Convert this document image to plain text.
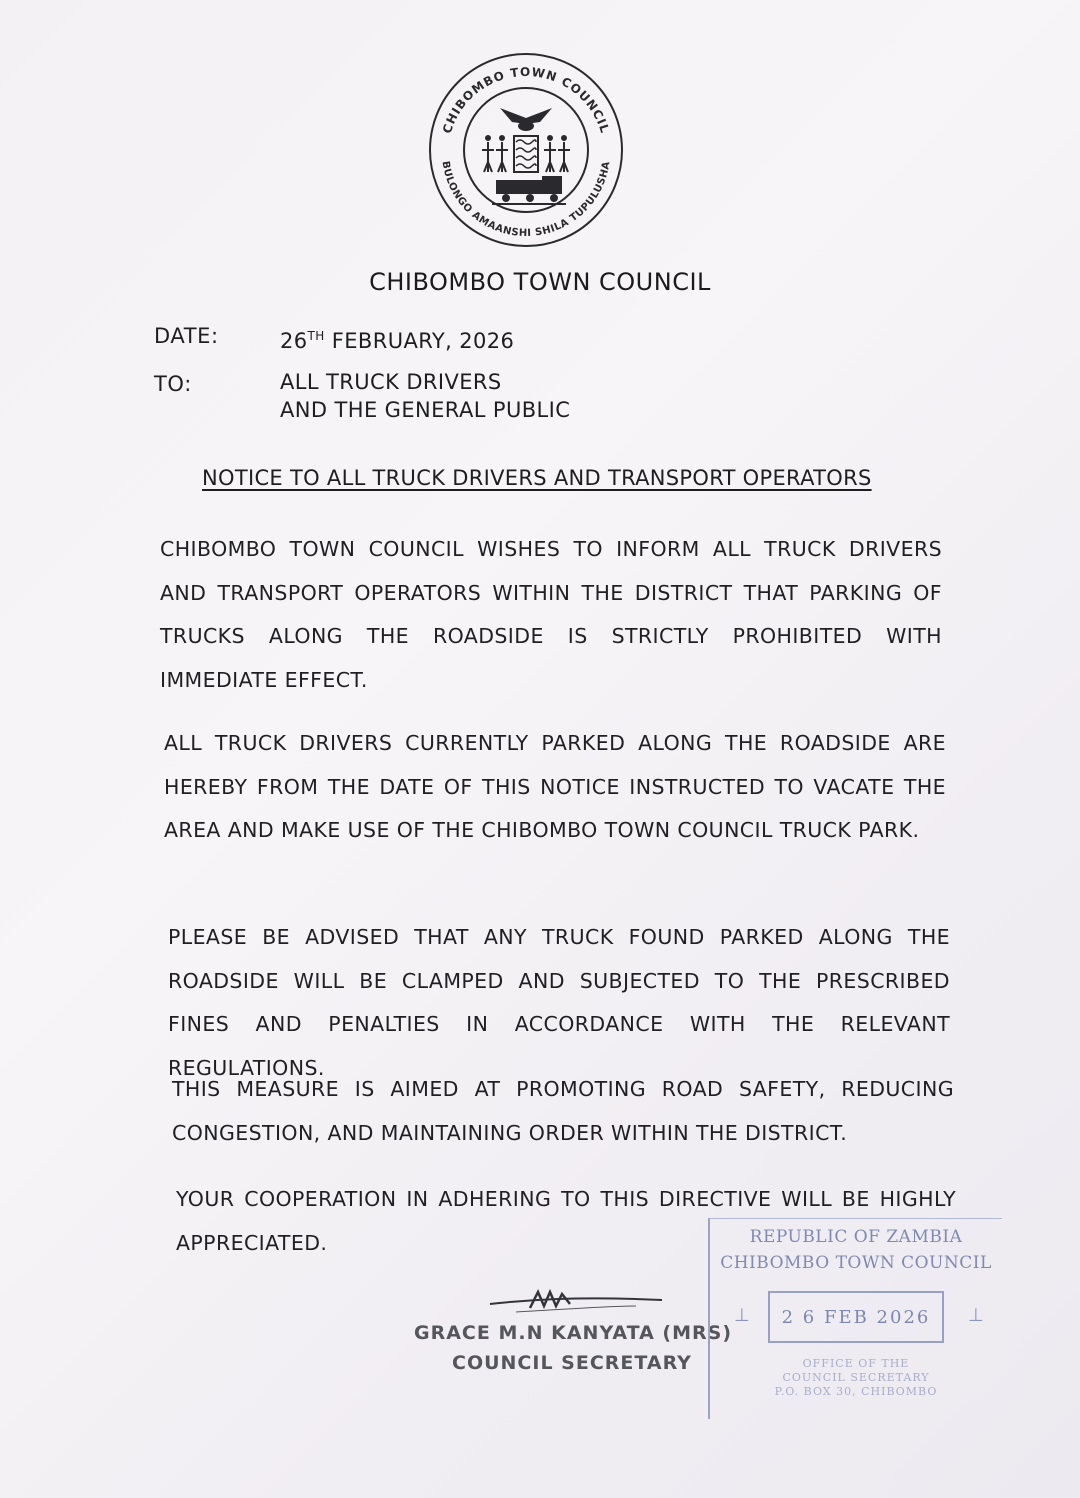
CHIBOMBO TOWN COUNCIL
BULONGO AMAANSHI SHILA TUPULUSHA
CHIBOMBO TOWN COUNCIL
DATE:	26TH FEBRUARY, 2026
TO:	ALL TRUCK DRIVERS
AND THE GENERAL PUBLIC
NOTICE TO ALL TRUCK DRIVERS AND TRANSPORT OPERATORS
CHIBOMBO TOWN COUNCIL WISHES TO INFORM ALL TRUCK DRIVERS AND TRANSPORT OPERATORS WITHIN THE DISTRICT THAT PARKING OF TRUCKS ALONG THE ROADSIDE IS STRICTLY PROHIBITED WITH IMMEDIATE EFFECT.
ALL TRUCK DRIVERS CURRENTLY PARKED ALONG THE ROADSIDE ARE HEREBY FROM THE DATE OF THIS NOTICE INSTRUCTED TO VACATE THE AREA AND MAKE USE OF THE CHIBOMBO TOWN COUNCIL TRUCK PARK.
PLEASE BE ADVISED THAT ANY TRUCK FOUND PARKED ALONG THE ROADSIDE WILL BE CLAMPED AND SUBJECTED TO THE PRESCRIBED FINES AND PENALTIES IN ACCORDANCE WITH THE RELEVANT REGULATIONS.
THIS MEASURE IS AIMED AT PROMOTING ROAD SAFETY, REDUCING CONGESTION, AND MAINTAINING ORDER WITHIN THE DISTRICT.
YOUR COOPERATION IN ADHERING TO THIS DIRECTIVE WILL BE HIGHLY APPRECIATED.
GRACE M.N KANYATA (MRS)
COUNCIL SECRETARY
REPUBLIC OF ZAMBIA
CHIBOMBO TOWN COUNCIL
⊥	2 6 FEB 2026	⊥
OFFICE OF THE
COUNCIL SECRETARY
P.O. BOX 30, CHIBOMBO
